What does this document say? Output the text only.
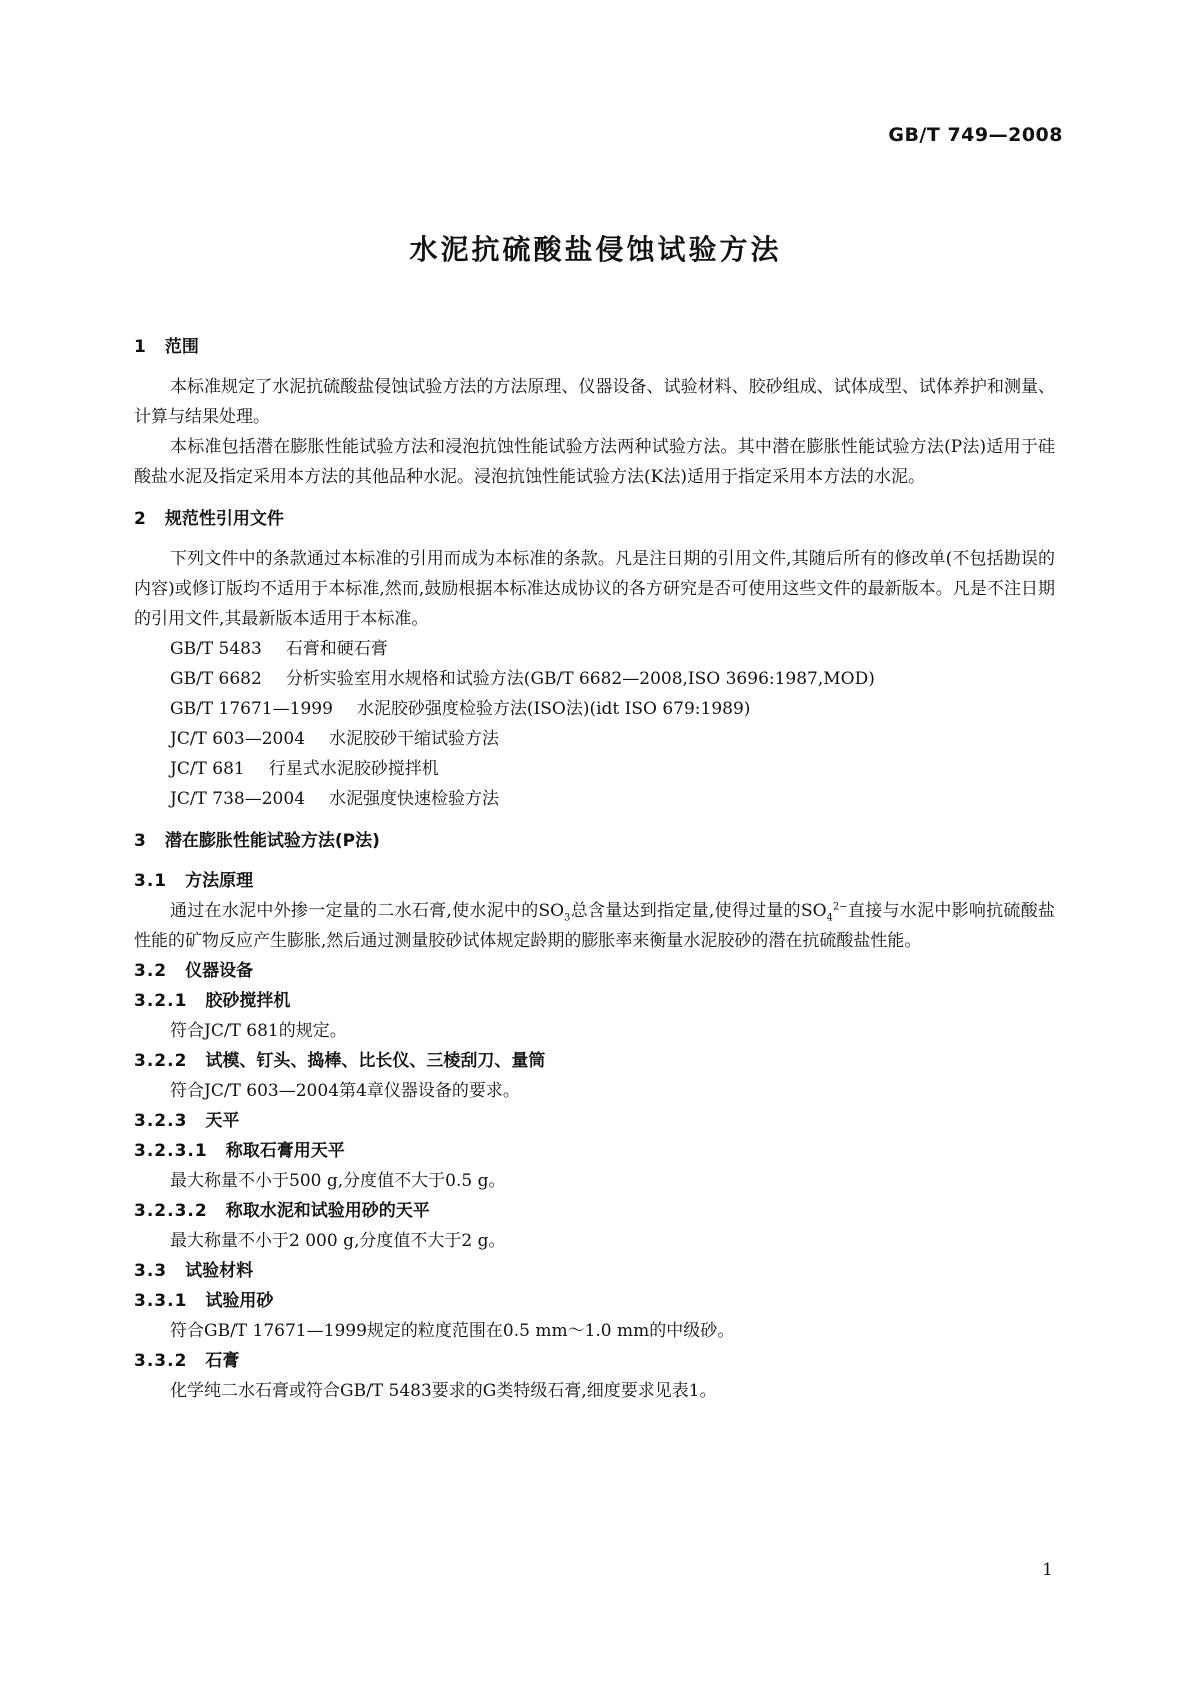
GB/T 749—2008
水泥抗硫酸盐侵蚀试验方法
1 范围

本标准规定了水泥抗硫酸盐侵蚀试验方法的方法原理、仪器设备、试验材料、胶砂组成、试体成型、试体养护和测量、计算与结果处理。

本标准包括潜在膨胀性能试验方法和浸泡抗蚀性能试验方法两种试验方法。其中潜在膨胀性能试验方法(P法)适用于硅酸盐水泥及指定采用本方法的其他品种水泥。浸泡抗蚀性能试验方法(K法)适用于指定采用本方法的水泥。

2 规范性引用文件

下列文件中的条款通过本标准的引用而成为本标准的条款。凡是注日期的引用文件,其随后所有的修改单(不包括勘误的内容)或修订版均不适用于本标准,然而,鼓励根据本标准达成协议的各方研究是否可使用这些文件的最新版本。凡是不注日期的引用文件,其最新版本适用于本标准。

GB/T 5483 石膏和硬石膏
GB/T 6682 分析实验室用水规格和试验方法(GB/T 6682—2008,ISO 3696:1987,MOD)
GB/T 17671—1999 水泥胶砂强度检验方法(ISO法)(idt ISO 679:1989)
JC/T 603—2004 水泥胶砂干缩试验方法
JC/T 681 行星式水泥胶砂搅拌机
JC/T 738—2004 水泥强度快速检验方法
3 潜在膨胀性能试验方法(P法)
3.1 方法原理

通过在水泥中外掺一定量的二水石膏,使水泥中的$SO_3$总含量达到指定量,使得过量的$SO_4^{2-}$直接与水泥中影响抗硫酸盐性能的矿物反应产生膨胀,然后通过测量胶砂试体规定龄期的膨胀率来衡量水泥胶砂的潜在抗硫酸盐性能。

3.2 仪器设备
3.2.1 胶砂搅拌机
符合JC/T 681的规定。
3.2.2 试模、钉头、捣棒、比长仪、三棱刮刀、量筒
符合JC/T 603—2004第4章仪器设备的要求。
3.2.3 天平
3.2.3.1 称取石膏用天平
最大称量不小于500 g,分度值不大于0.5 g。
3.2.3.2 称取水泥和试验用砂的天平
最大称量不小于2 000 g,分度值不大于2 g。
3.3 试验材料
3.3.1 试验用砂
符合GB/T 17671—1999规定的粒度范围在0.5 mm～1.0 mm的中级砂。
3.3.2 石膏
化学纯二水石膏或符合GB/T 5483要求的G类特级石膏,细度要求见表1。
1
